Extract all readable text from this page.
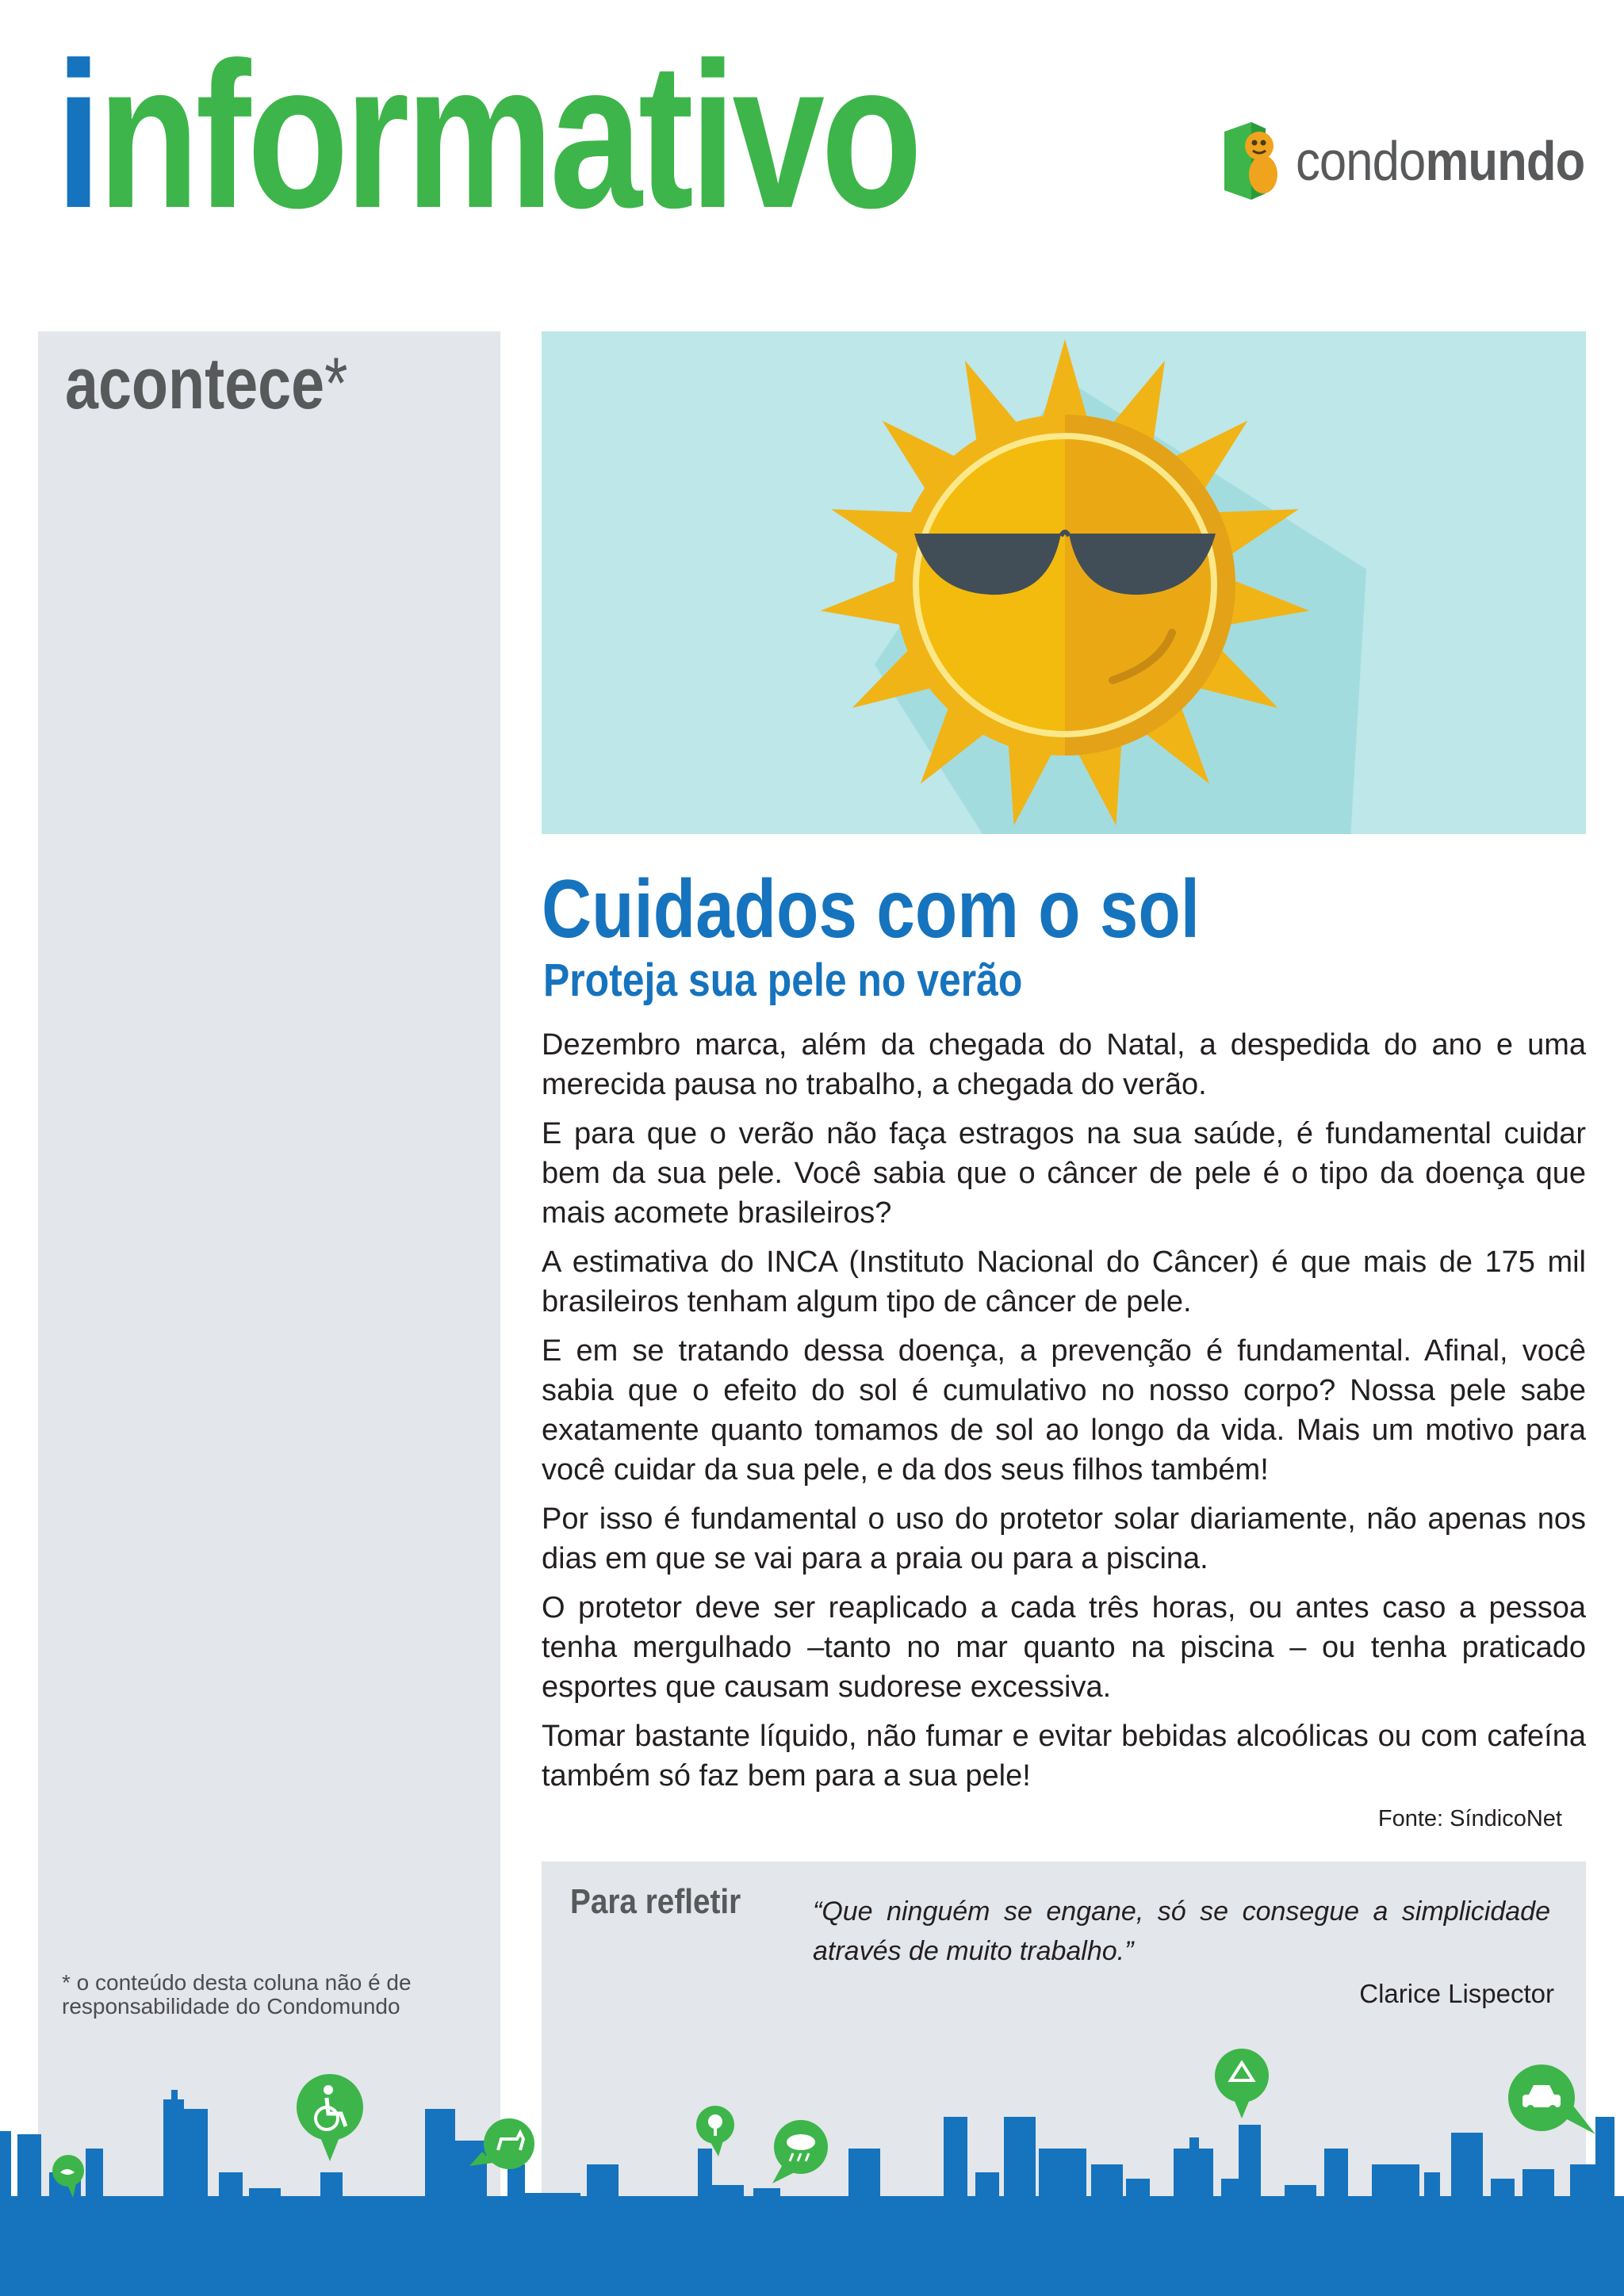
informativo	condomundo
acontece*
* o conteúdo desta coluna não é de responsabilidade do Condomundo
Cuidados com o sol
Proteja sua pele no verão

Dezembro marca, além da chegada do Natal, a despedida do ano e uma merecida pausa no trabalho, a chegada do verão.

E para que o verão não faça estragos na sua saúde, é fundamental cuidar bem da sua pele. Você sabia que o câncer de pele é o tipo da doença que mais acomete brasileiros?

A estimativa do INCA (Instituto Nacional do Câncer) é que mais de 175 mil brasileiros tenham algum tipo de câncer de pele.

E em se tratando dessa doença, a prevenção é fundamental. Afinal, você sabia que o efeito do sol é cumulativo no nosso corpo? Nossa pele sabe exatamente quanto tomamos de sol ao longo da vida. Mais um motivo para você cuidar da sua pele, e da dos seus filhos também!

Por isso é fundamental o uso do protetor solar diariamente, não apenas nos dias em que se vai para a praia ou para a piscina.

O protetor deve ser reaplicado a cada três horas, ou antes caso a pessoa tenha mergulhado –tanto no mar quanto na piscina – ou tenha praticado esportes que causam sudorese excessiva.

Tomar bastante líquido, não fumar e evitar bebidas alcoólicas ou com cafeína também só faz bem para a sua pele!

Fonte: SíndicoNet
Para refletir	“Que ninguém se engane, só se consegue a simplicidade através de muito trabalho.”
Clarice Lispector
